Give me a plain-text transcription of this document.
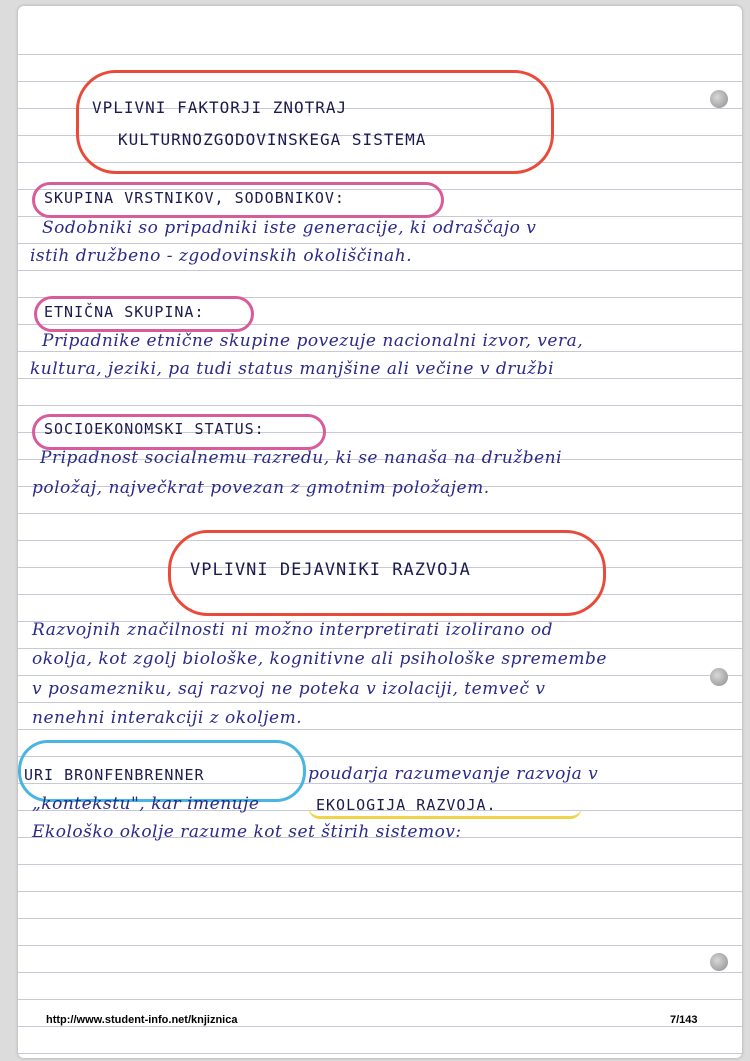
VPLIVNI FAKTORJI ZNOTRAJ
KULTURNOZGODOVINSKEGA SISTEMA
SKUPINA VRSTNIKOV, SODOBNIKOV:
Sodobniki so pripadniki iste generacije, ki odraščajo v
istih družbeno - zgodovinskih okoliščinah.
ETNIČNA SKUPINA:
Pripadnike etnične skupine povezuje nacionalni izvor, vera,
kultura, jeziki, pa tudi status manjšine ali večine v družbi
SOCIOEKONOMSKI STATUS:
Pripadnost socialnemu razredu, ki se nanaša na družbeni
položaj, največkrat povezan z gmotnim položajem.
VPLIVNI DEJAVNIKI RAZVOJA
Razvojnih značilnosti ni možno interpretirati izolirano od
okolja, kot zgolj biološke, kognitivne ali psihološke spremembe
v posamezniku, saj razvoj ne poteka v izolaciji, temveč v
nenehni interakciji z okoljem.
URI BRONFENBRENNER	poudarja razumevanje razvoja v
„kontekstu", kar imenuje	EKOLOGIJA RAZVOJA.
Ekološko okolje razume kot set štirih sistemov:
http://www.student-info.net/knjiznica	7/143
